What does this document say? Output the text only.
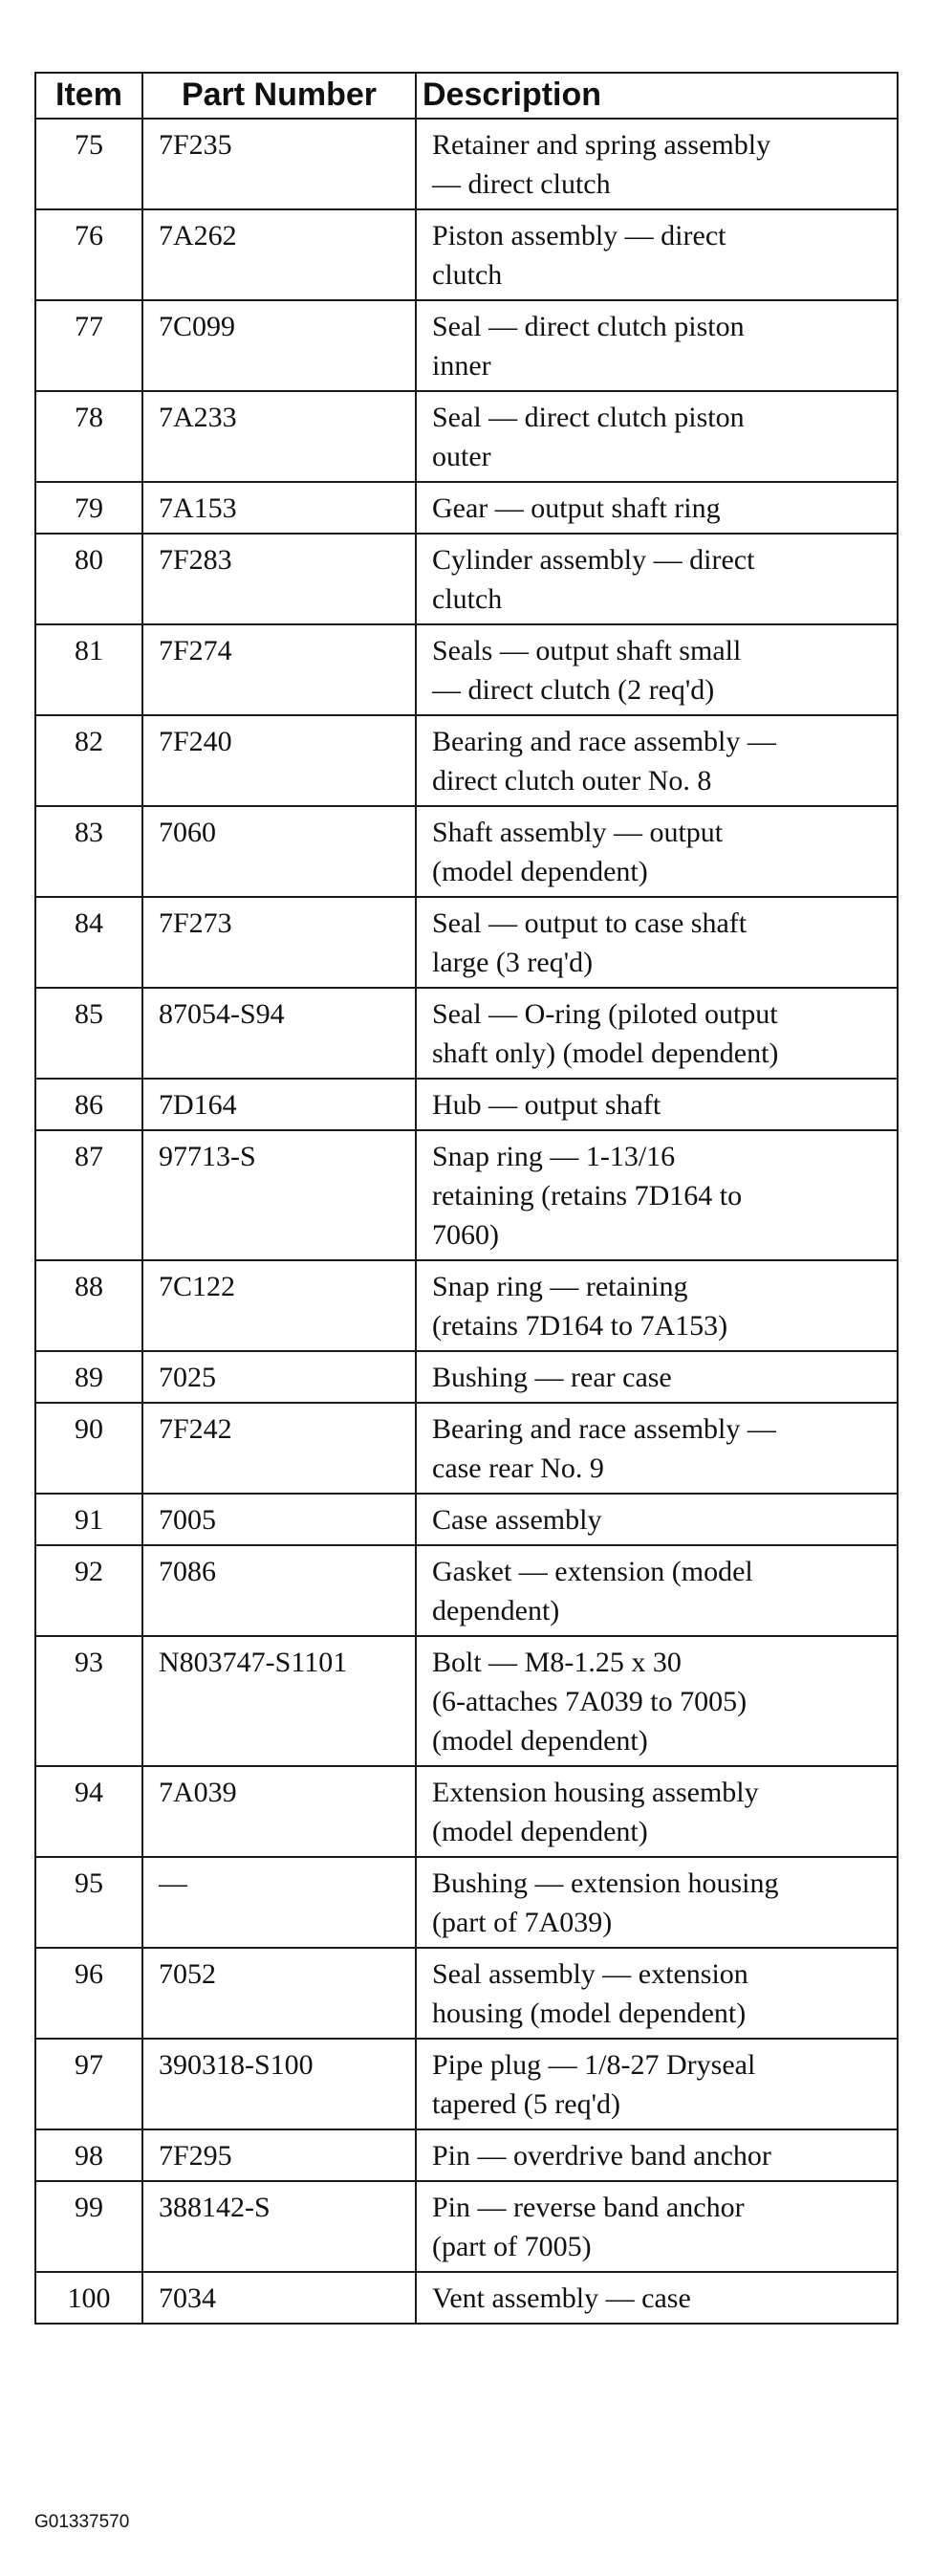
Item	Part Number	Description
75	7F235	Retainer and spring assembly
— direct clutch

76	7A262	Piston assembly — direct
clutch

77	7C099	Seal — direct clutch piston
inner

78	7A233	Seal — direct clutch piston
outer

79	7A153	Gear — output shaft ring

80	7F283	Cylinder assembly — direct
clutch

81	7F274	Seals — output shaft small
— direct clutch (2 req'd)

82	7F240	Bearing and race assembly —
direct clutch outer No. 8

83	7060	Shaft assembly — output
(model dependent)

84	7F273	Seal — output to case shaft
large (3 req'd)

85	87054-S94	Seal — O-ring (piloted output
shaft only) (model dependent)

86	7D164	Hub — output shaft

87	97713-S	Snap ring — 1-13/16
retaining (retains 7D164 to
7060)

88	7C122	Snap ring — retaining
(retains 7D164 to 7A153)

89	7025	Bushing — rear case

90	7F242	Bearing and race assembly —
case rear No. 9

91	7005	Case assembly

92	7086	Gasket — extension (model
dependent)

93	N803747-S1101	Bolt — M8-1.25 x 30
(6-attaches 7A039 to 7005)
(model dependent)

94	7A039	Extension housing assembly
(model dependent)

95	—	Bushing — extension housing
(part of 7A039)

96	7052	Seal assembly — extension
housing (model dependent)

97	390318-S100	Pipe plug — 1/8-27 Dryseal
tapered (5 req'd)

98	7F295	Pin — overdrive band anchor

99	388142-S	Pin — reverse band anchor
(part of 7005)

100	7034	Vent assembly — case
G01337570
